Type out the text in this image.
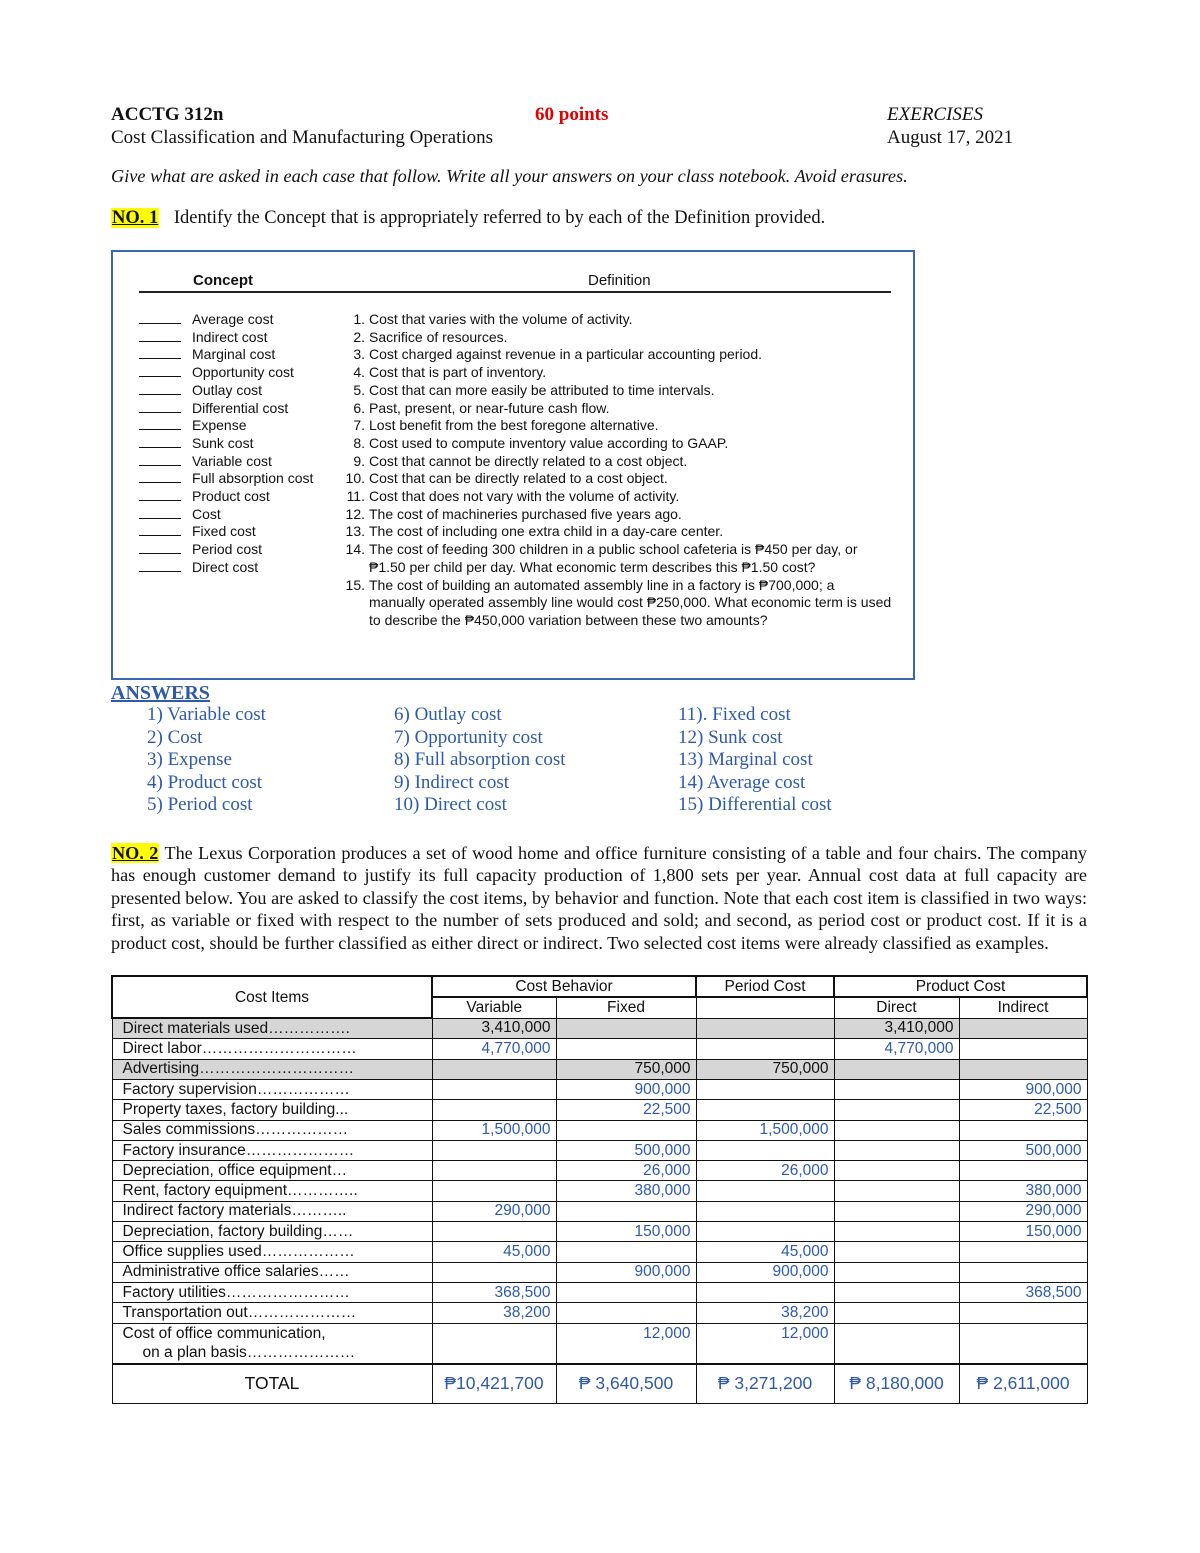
ACCTG 312n	60 points	EXERCISES
Cost Classification and Manufacturing Operations	August 17, 2021
Give what are asked in each case that follow. Write all your answers on your class notebook. Avoid erasures.
NO. 1 Identify the Concept that is appropriately referred to by each of the Definition provided.
Concept	Definition
Average cost
Indirect cost
Marginal cost
Opportunity cost
Outlay cost
Differential cost
Expense
Sunk cost
Variable cost
Full absorption cost
Product cost
Cost
Fixed cost
Period cost
Direct cost
1. Cost that varies with the volume of activity.
2. Sacrifice of resources.
3. Cost charged against revenue in a particular accounting period.
4. Cost that is part of inventory.
5. Cost that can more easily be attributed to time intervals.
6. Past, present, or near-future cash flow.
7. Lost benefit from the best foregone alternative.
8. Cost used to compute inventory value according to GAAP.
9. Cost that cannot be directly related to a cost object.
10. Cost that can be directly related to a cost object.
11. Cost that does not vary with the volume of activity.
12. The cost of machineries purchased five years ago.
13. The cost of including one extra child in a day-care center.
14. The cost of feeding 300 children in a public school cafeteria is ₱450 per day, or ₱1.50 per child per day. What economic term describes this ₱1.50 cost?
15. The cost of building an automated assembly line in a factory is ₱700,000; a manually operated assembly line would cost ₱250,000. What economic term is used to describe the ₱450,000 variation between these two amounts?
ANSWERS
1) Variable cost
2) Cost
3) Expense
4) Product cost
5) Period cost
6) Outlay cost
7) Opportunity cost
8) Full absorption cost
9) Indirect cost
10) Direct cost
11). Fixed cost
12) Sunk cost
13) Marginal cost
14) Average cost
15) Differential cost
NO. 2 The Lexus Corporation produces a set of wood home and office furniture consisting of a table and four chairs. The company has enough customer demand to justify its full capacity production of 1,800 sets per year. Annual cost data at full capacity are presented below. You are asked to classify the cost items, by behavior and function. Note that each cost item is classified in two ways: first, as variable or fixed with respect to the number of sets produced and sold; and second, as period cost or product cost. If it is a product cost, should be further classified as either direct or indirect. Two selected cost items were already classified as examples.
Cost Items	Cost Behavior		Period Cost	Product Cost	
	Variable	Fixed		Direct	Indirect
Direct materials used…………….	3,410,000			3,410,000	
Direct labor…………………………	4,770,000			4,770,000	
Advertising…………………………		750,000	750,000		
Factory supervision………………		900,000			900,000
Property taxes, factory building...		22,500			22,500
Sales commissions………………	1,500,000		1,500,000		
Factory insurance…………………		500,000			500,000
Depreciation, office equipment…		26,000	26,000		
Rent, factory equipment…………..		380,000			380,000
Indirect factory materials………..	290,000				290,000
Depreciation, factory building……		150,000			150,000
Office supplies used………………	45,000		45,000		
Administrative office salaries……		900,000	900,000		
Factory utilities……………………	368,500				368,500
Transportation out…………………	38,200		38,200		

Cost of office communication,
on a plan basis…………………		12,000	12,000		
TOTAL	₱10,421,700	₱ 3,640,500	₱ 3,271,200	₱ 8,180,000	₱ 2,611,000
